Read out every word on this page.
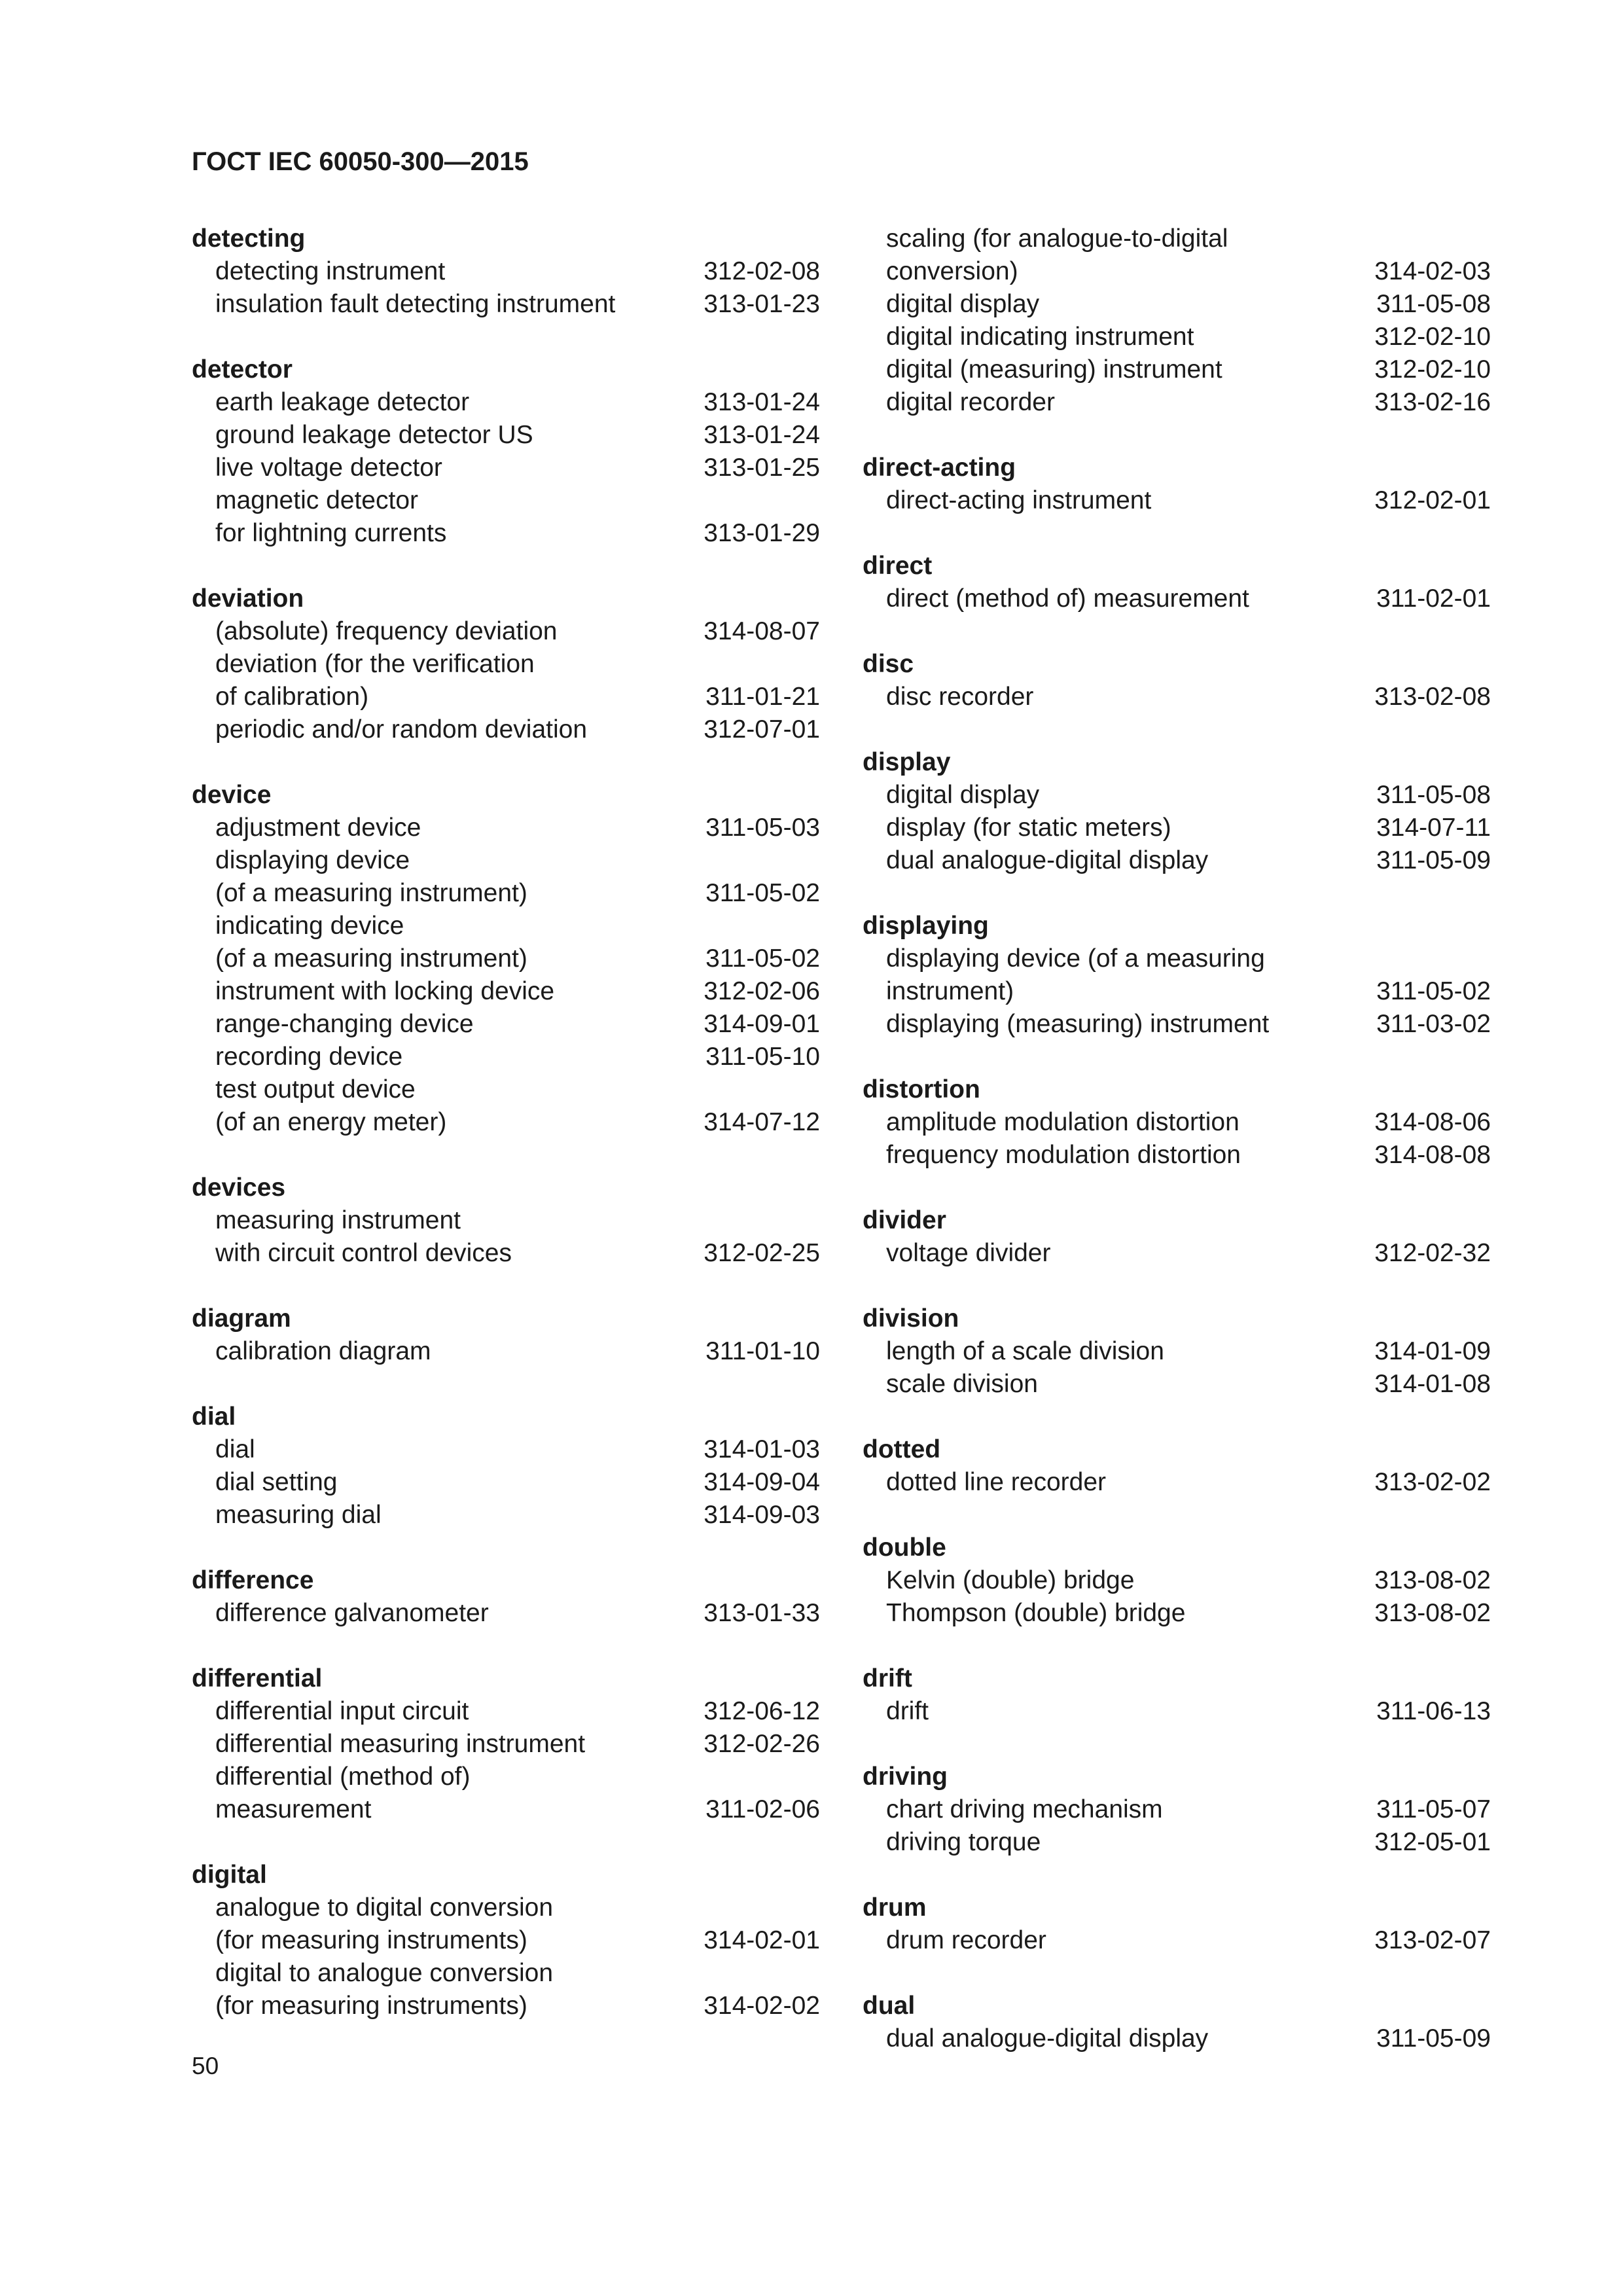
ГОСТ IEC 60050-300—2015
detecting
detecting instrument	312-02-08
insulation fault detecting instrument	313-01-23
detector
earth leakage detector	313-01-24
ground leakage detector US	313-01-24
live voltage detector	313-01-25
magnetic detector
for lightning currents	313-01-29
deviation
(absolute) frequency deviation	314-08-07
deviation (for the verification
of calibration)	311-01-21
periodic and/or random deviation	312-07-01
device
adjustment device	311-05-03
displaying device
(of a measuring instrument)	311-05-02
indicating device
(of a measuring instrument)	311-05-02
instrument with locking device	312-02-06
range-changing device	314-09-01
recording device	311-05-10
test output device
(of an energy meter)	314-07-12
devices
measuring instrument
with circuit control devices	312-02-25
diagram
calibration diagram	311-01-10
dial
dial	314-01-03
dial setting	314-09-04
measuring dial	314-09-03
difference
difference galvanometer	313-01-33
differential
differential input circuit	312-06-12
differential measuring instrument	312-02-26
differential (method of)
measurement	311-02-06
digital
analogue to digital conversion
(for measuring instruments)	314-02-01
digital to analogue conversion
(for measuring instruments)	314-02-02
scaling (for analogue-to-digital
conversion)	314-02-03
digital display	311-05-08
digital indicating instrument	312-02-10
digital (measuring) instrument	312-02-10
digital recorder	313-02-16
direct-acting
direct-acting instrument	312-02-01
direct
direct (method of) measurement	311-02-01
disc
disc recorder	313-02-08
display
digital display	311-05-08
display (for static meters)	314-07-11
dual analogue-digital display	311-05-09
displaying
displaying device (of a measuring
instrument)	311-05-02
displaying (measuring) instrument	311-03-02
distortion
amplitude modulation distortion	314-08-06
frequency modulation distortion	314-08-08
divider
voltage divider	312-02-32
division
length of a scale division	314-01-09
scale division	314-01-08
dotted
dotted line recorder	313-02-02
double
Kelvin (double) bridge	313-08-02
Thompson (double) bridge	313-08-02
drift
drift	311-06-13
driving
chart driving mechanism	311-05-07
driving torque	312-05-01
drum
drum recorder	313-02-07
dual
dual analogue-digital display	311-05-09
50
